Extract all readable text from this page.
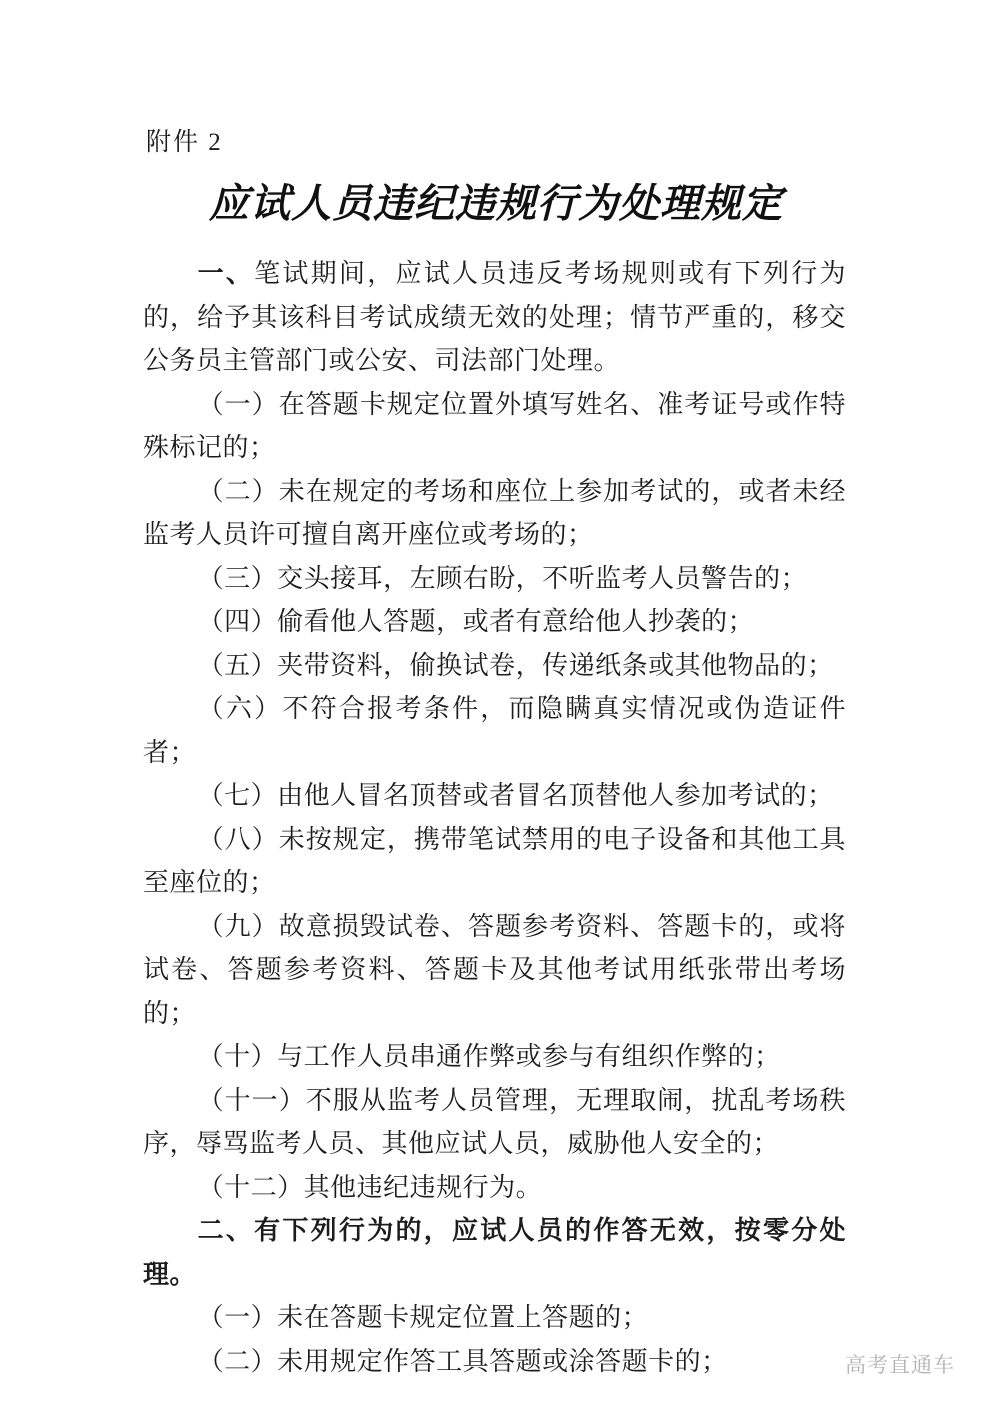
附件 2
应试人员违纪违规行为处理规定

一、笔试期间，应试人员违反考场规则或有下列行为的，给予其该科目考试成绩无效的处理；情节严重的，移交公务员主管部门或公安、司法部门处理。

（一）在答题卡规定位置外填写姓名、准考证号或作特殊标记的；

（二）未在规定的考场和座位上参加考试的，或者未经监考人员许可擅自离开座位或考场的；

（三）交头接耳，左顾右盼，不听监考人员警告的；

（四）偷看他人答题，或者有意给他人抄袭的；

（五）夹带资料，偷换试卷，传递纸条或其他物品的；

（六）不符合报考条件，而隐瞒真实情况或伪造证件者；

（七）由他人冒名顶替或者冒名顶替他人参加考试的；

（八）未按规定，携带笔试禁用的电子设备和其他工具至座位的；

（九）故意损毁试卷、答题参考资料、答题卡的，或将试卷、答题参考资料、答题卡及其他考试用纸张带出考场的；

（十）与工作人员串通作弊或参与有组织作弊的；

（十一）不服从监考人员管理，无理取闹，扰乱考场秩序，辱骂监考人员、其他应试人员，威胁他人安全的；

（十二）其他违纪违规行为。

二、有下列行为的，应试人员的作答无效，按零分处理。

（一）未在答题卡规定位置上答题的；

（二）未用规定作答工具答题或涂答题卡的；	高考直通车
